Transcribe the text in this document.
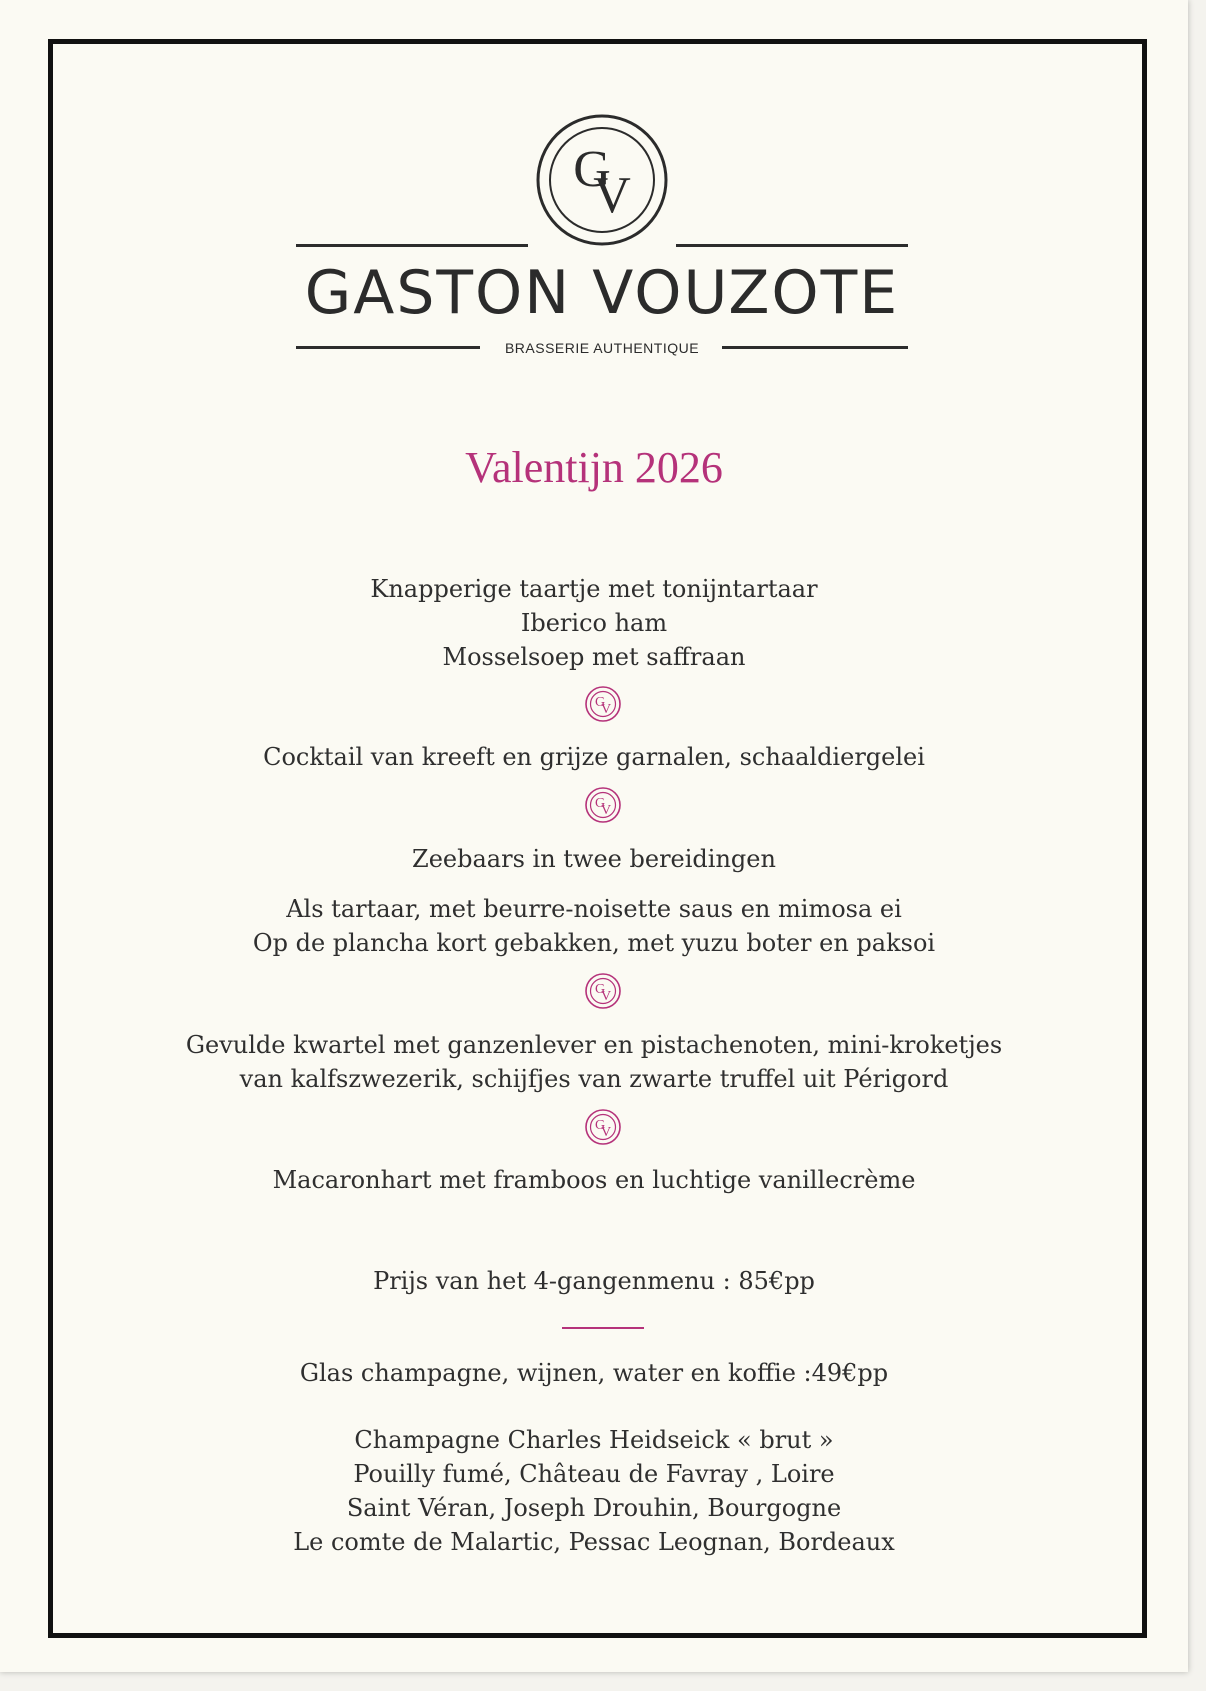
G
V
GASTON VOUZOTE
BRASSERIE AUTHENTIQUE
Valentijn 2026
Knapperige taartje met tonijntartaar
Iberico ham
Mosselsoep met saffraan
G
V
Cocktail van kreeft en grijze garnalen, schaaldiergelei
G
V
Zeebaars in twee bereidingen
Als tartaar, met beurre-noisette saus en mimosa ei
Op de plancha kort gebakken, met yuzu boter en paksoi
G
V
Gevulde kwartel met ganzenlever en pistachenoten, mini-kroketjes
van kalfszwezerik, schijfjes van zwarte truffel uit Périgord
G
V
Macaronhart met framboos en luchtige vanillecrème
Prijs van het 4-gangenmenu : 85€pp
Glas champagne, wijnen, water en koffie :49€pp
Champagne Charles Heidseick « brut »
Pouilly fumé, Château de Favray , Loire
Saint Véran, Joseph Drouhin, Bourgogne
Le comte de Malartic, Pessac Leognan, Bordeaux
